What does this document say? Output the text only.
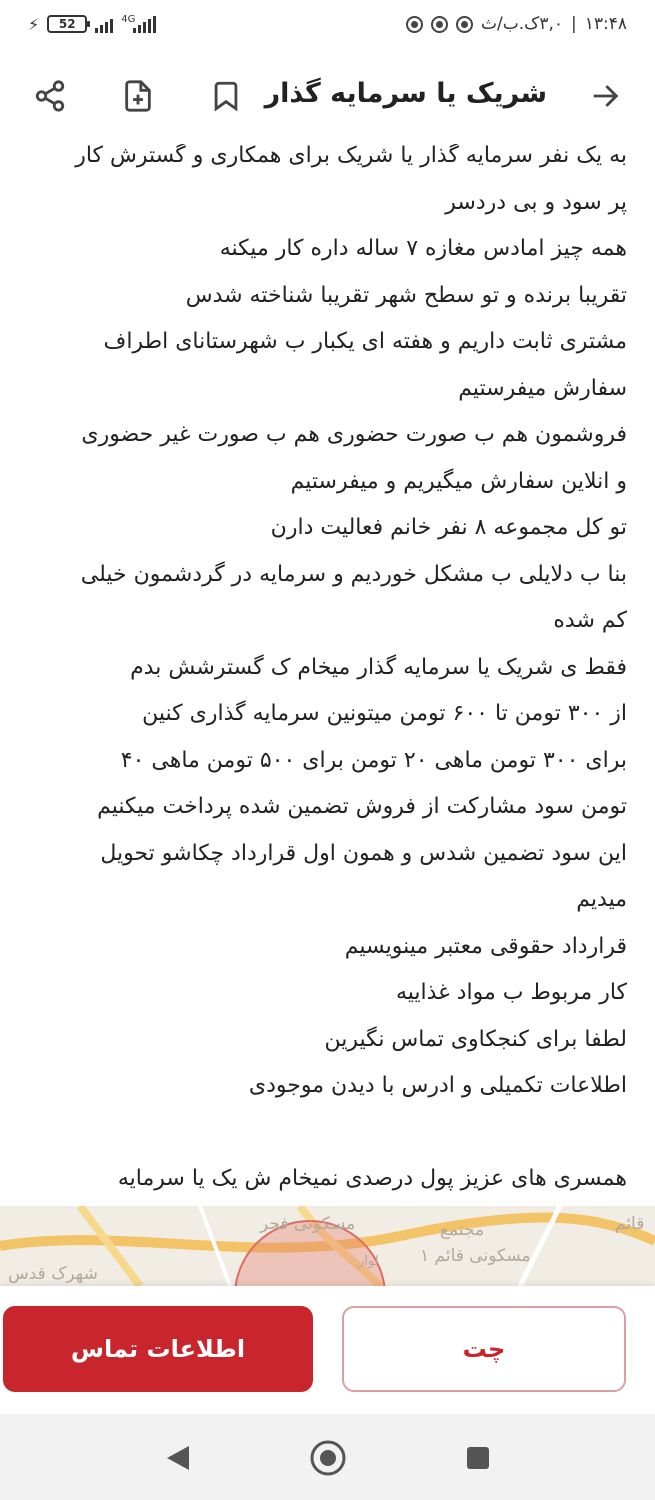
⚡ 52	4G	۳,۰ک.ب/ث | ۱۳:۴۸
شریک یا سرمایه گذار
به یک نفر سرمایه گذار یا شریک برای همکاری و گسترش کار
پر سود و بی دردسر
همه چیز امادس مغازه ۷ ساله داره کار میکنه
تقریبا برنده و تو سطح شهر تقریبا شناخته شدس
مشتری ثابت داریم و هفته ای یکبار ب شهرستانای اطراف
سفارش میفرستیم
فروشمون هم ب صورت حضوری هم ب صورت غیر حضوری
و انلاین سفارش میگیریم و میفرستیم
تو کل مجموعه ۸ نفر خانم فعالیت دارن
بنا ب دلایلی ب مشکل خوردیم و سرمایه در گردشمون خیلی
کم شده
فقط ی شریک یا سرمایه گذار میخام ک گسترشش بدم
از ۳۰۰ تومن تا ۶۰۰ تومن میتونین سرمایه گذاری کنین
برای ۳۰۰ تومن ماهی ۲۰ تومن برای ۵۰۰ تومن ماهی ۴۰
تومن سود مشارکت از فروش تضمین شده پرداخت میکنیم
این سود تضمین شدس و همون اول قرارداد چکاشو تحویل
میدیم
قرارداد حقوقی معتبر مینویسیم
کار مربوط ب مواد غذاییه
لطفا برای کنجکاوی تماس نگیرین
اطلاعات تکمیلی و ادرس با دیدن موجودی
همسری های عزیز پول درصدی نمیخام ش یک یا سرمایه
مسکونی فجر	مجتمع
مسکونی قائم ۱
شهرک قدس
قائم
لوار
اطلاعات تماس	چت
